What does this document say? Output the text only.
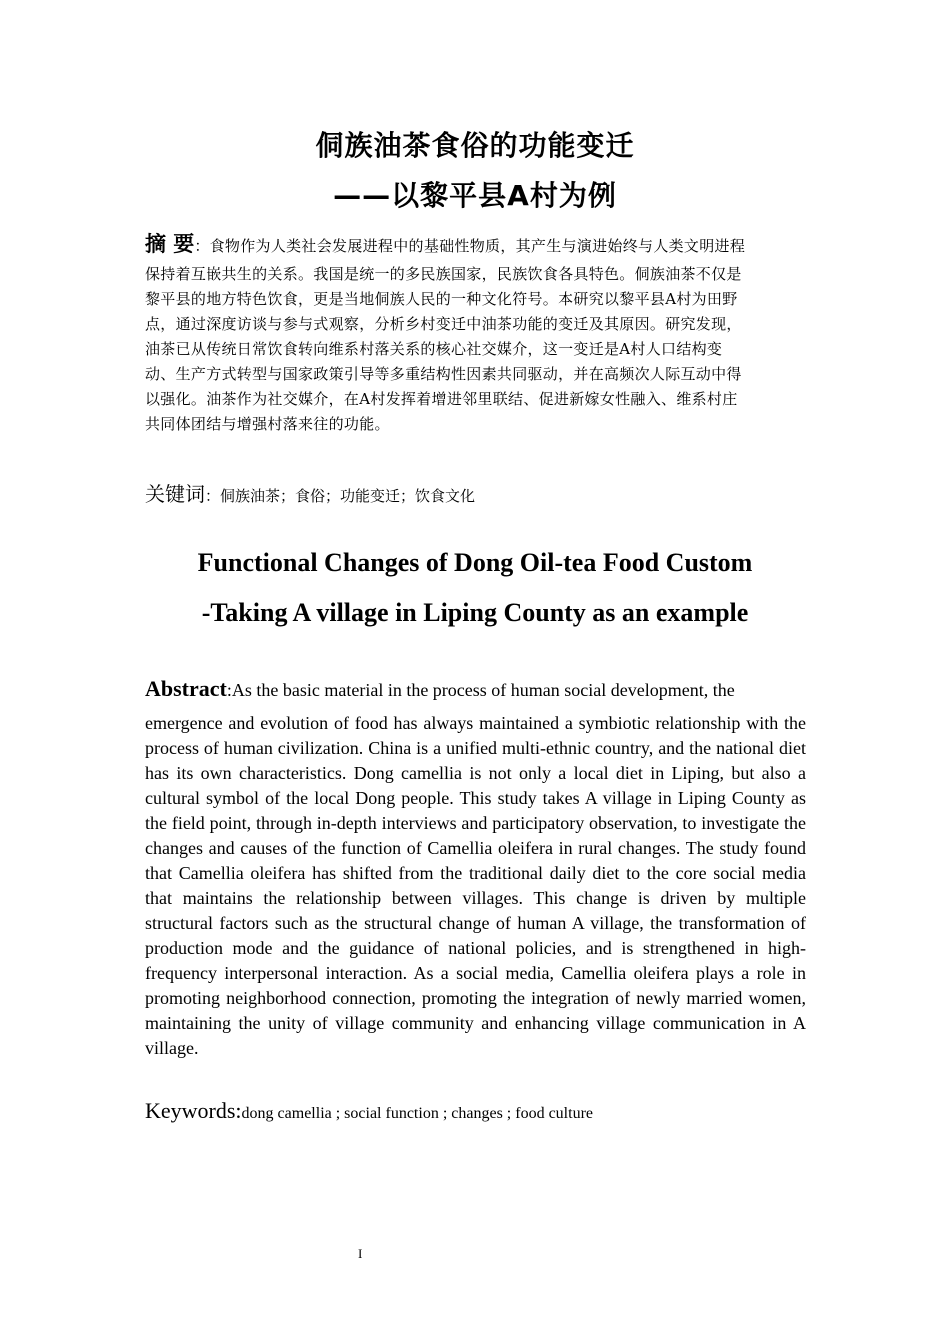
侗族油茶食俗的功能变迁
——以黎平县A村为例
摘 要：食物作为人类社会发展进程中的基础性物质，其产生与演进始终与人类文明进程
保持着互嵌共生的关系。我国是统一的多民族国家，民族饮食各具特色。侗族油茶不仅是
黎平县的地方特色饮食，更是当地侗族人民的一种文化符号。本研究以黎平县A村为田野
点，通过深度访谈与参与式观察，分析乡村变迁中油茶功能的变迁及其原因。研究发现，
油茶已从传统日常饮食转向维系村落关系的核心社交媒介，这一变迁是A村人口结构变
动、生产方式转型与国家政策引导等多重结构性因素共同驱动，并在高频次人际互动中得
以强化。油茶作为社交媒介，在A村发挥着增进邻里联结、促进新嫁女性融入、维系村庄
共同体团结与增强村落来往的功能。
关键词：侗族油茶；食俗；功能变迁；饮食文化
Functional Changes of Dong Oil-tea Food Custom
-Taking A village in Liping County as an example
Abstract:As the basic material in the process of human social development, the
emergence and evolution of food has always maintained a symbiotic relationship with the process of human civilization. China is a unified multi-ethnic country, and the national diet has its own characteristics. Dong camellia is not only a local diet in Liping, but also a cultural symbol of the local Dong people. This study takes A village in Liping County as the field point, through in-depth interviews and participatory observation, to investigate the changes and causes of the function of Camellia oleifera in rural changes. The study found that Camellia oleifera has shifted from the traditional daily diet to the core social media that maintains the relationship between villages. This change is driven by multiple structural factors such as the structural change of human A village, the transformation of production mode and the guidance of national policies, and is strengthened in high-frequency interpersonal interaction. As a social media, Camellia oleifera plays a role in promoting neighborhood connection, promoting the integration of newly married women, maintaining the unity of village community and enhancing village communication in A village.
Keywords:dong camellia ; social function ; changes ; food culture
I
